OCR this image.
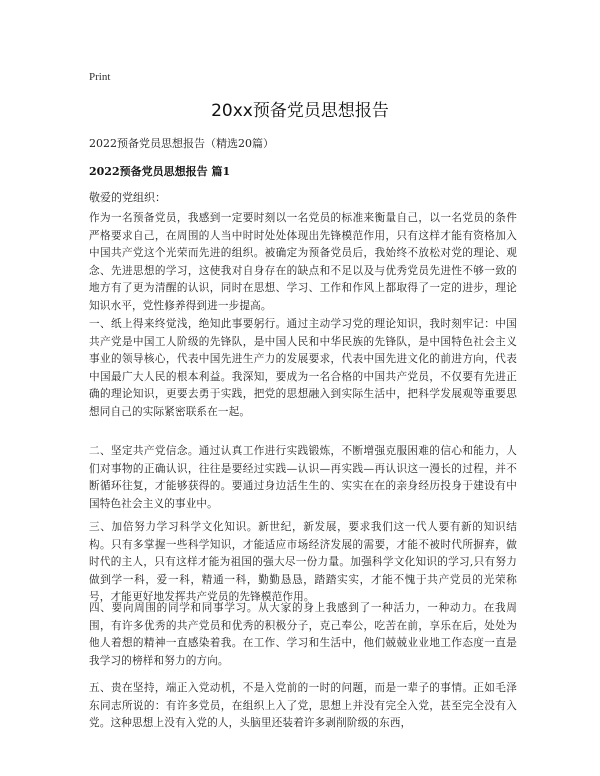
Print
20xx预备党员思想报告
2022预备党员思想报告（精选20篇）
2022预备党员思想报告 篇1
敬爱的党组织：
作为一名预备党员，我感到一定要时刻以一名党员的标准来衡量自己，以一名党员的条件严格要求自己，在周围的人当中时时处处体现出先锋模范作用，只有这样才能有资格加入中国共产党这个光荣而先进的组织。被确定为预备党员后，我始终不放松对党的理论、观念、先进思想的学习，这使我对自身存在的缺点和不足以及与优秀党员先进性不够一致的地方有了更为清醒的认识，同时在思想、学习、工作和作风上都取得了一定的进步，理论知识水平，党性修养得到进一步提高。
一、纸上得来终觉浅，绝知此事要躬行。通过主动学习党的理论知识，我时刻牢记：中国共产党是中国工人阶级的先锋队，是中国人民和中华民族的先锋队，是中国特色社会主义事业的领导核心，代表中国先进生产力的发展要求，代表中国先进文化的前进方向，代表中国最广大人民的根本利益。我深知，要成为一名合格的中国共产党员，不仅要有先进正确的理论知识，更要去勇于实践，把党的思想融入到实际生活中，把科学发展观等重要思想同自己的实际紧密联系在一起。
二、坚定共产党信念。通过认真工作进行实践锻炼，不断增强克服困难的信心和能力，人们对事物的正确认识，往往是要经过实践—认识—再实践—再认识这一漫长的过程，并不断循环往复，才能够获得的。要通过身边活生生的、实实在在的亲身经历投身于建设有中国特色社会主义的事业中。
三、加倍努力学习科学文化知识。新世纪，新发展，要求我们这一代人要有新的知识结构。只有多掌握一些科学知识，才能适应市场经济发展的需要，才能不被时代所摒弃，做时代的主人，只有这样才能为祖国的强大尽一份力量。加强科学文化知识的学习,只有努力做到学一科，爱一科，精通一科，勤勤恳恳，踏踏实实，才能不愧于共产党员的光荣称号，才能更好地发挥共产党员的先锋模范作用。
四、要向周围的同学和同事学习。从大家的身上我感到了一种活力，一种动力。在我周围，有许多优秀的共产党员和优秀的积极分子，克己奉公，吃苦在前，享乐在后，处处为他人着想的精神一直感染着我。在工作、学习和生活中，他们兢兢业业地工作态度一直是我学习的榜样和努力的方向。
五、贵在坚持，端正入党动机，不是入党前的一时的问题，而是一辈子的事情。正如毛泽东同志所说的：有许多党员，在组织上入了党，思想上并没有完全入党，甚至完全没有入党。这种思想上没有入党的人，头脑里还装着许多剥削阶级的东西，
